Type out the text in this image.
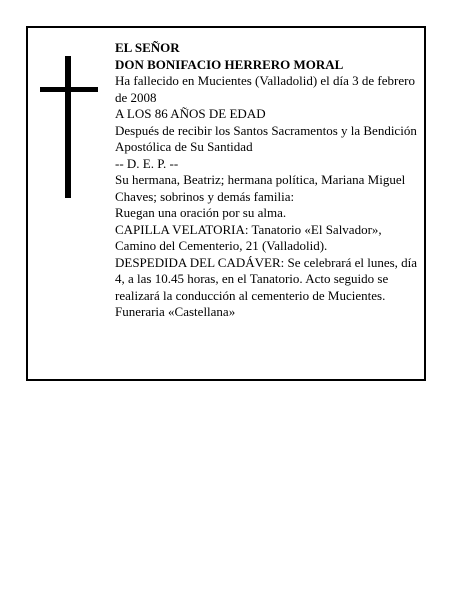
EL SEÑOR

DON BONIFACIO HERRERO MORAL

Ha fallecido en Mucientes (Valladolid) el día 3 de febrero de 2008

A LOS 86 AÑOS DE EDAD

Después de recibir los Santos Sacramentos y la Bendición Apostólica de Su Santidad

-- D. E. P. --

Su hermana, Beatriz; hermana política, Mariana Miguel Chaves; sobrinos y demás familia:

Ruegan una oración por su alma.

CAPILLA VELATORIA: Tanatorio «El Salvador», Camino del Cementerio, 21 (Valladolid).

DESPEDIDA DEL CADÁVER: Se celebrará el lunes, día 4, a las 10.45 horas, en el Tanatorio. Acto seguido se realizará la conducción al cementerio de Mucientes.

Funeraria «Castellana»
